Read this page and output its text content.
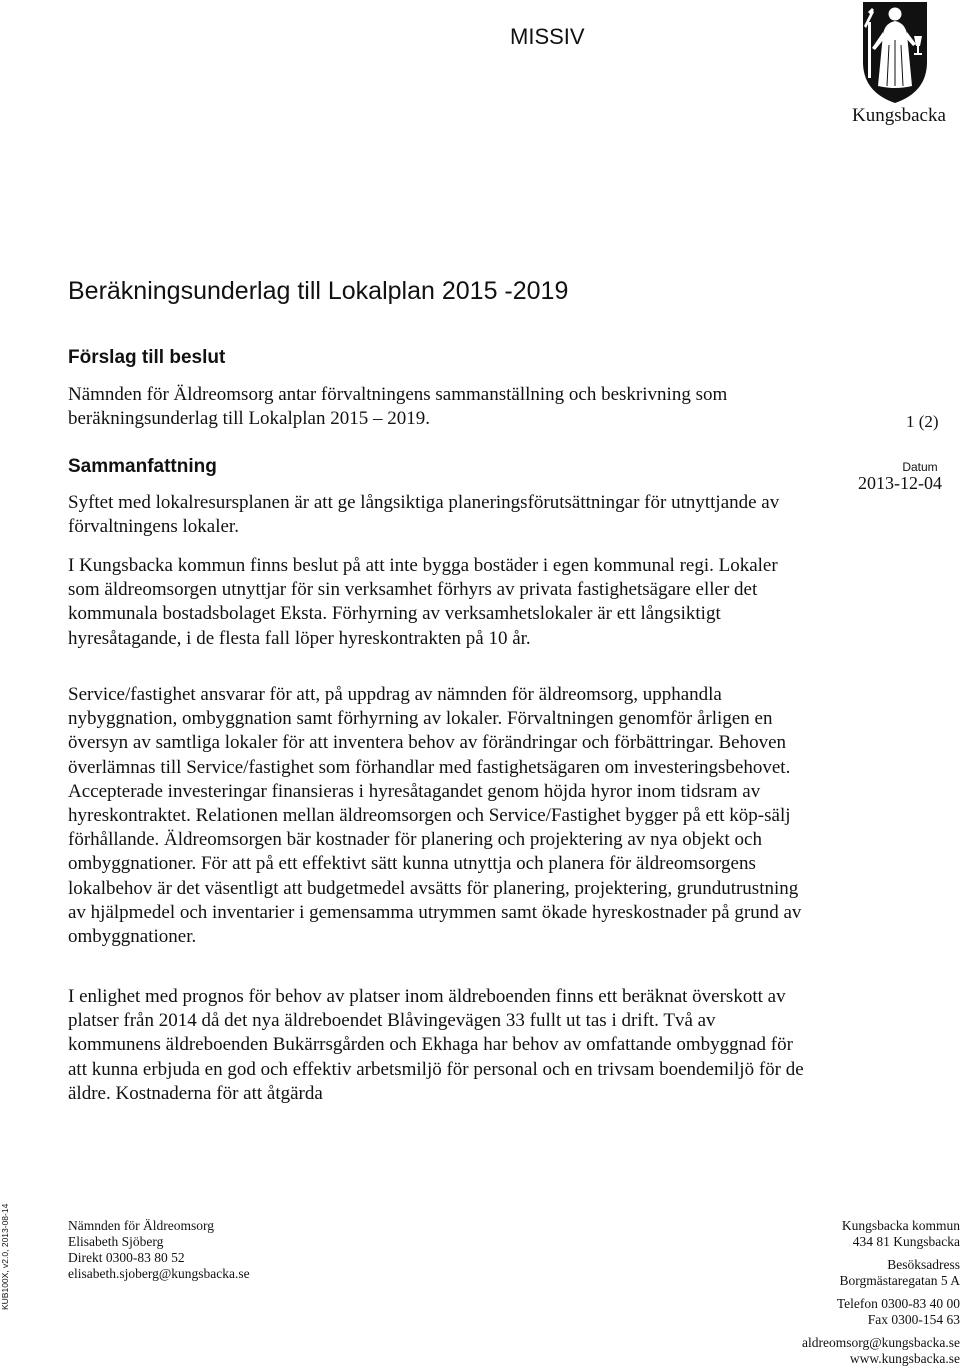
MISSIV
Kungsbacka
1 (2)
Datum
2013-12-04
Beräkningsunderlag till Lokalplan 2015 -2019
Förslag till beslut

Nämnden för Äldreomsorg antar förvaltningens sammanställning och beskrivning som beräkningsunderlag till Lokalplan 2015 – 2019.

Sammanfattning

Syftet med lokalresursplanen är att ge långsiktiga planeringsförutsättningar för utnyttjande av förvaltningens lokaler.

I Kungsbacka kommun finns beslut på att inte bygga bostäder i egen kommunal regi. Lokaler som äldreomsorgen utnyttjar för sin verksamhet förhyrs av privata fastighetsägare eller det kommunala bostadsbolaget Eksta. Förhyrning av verksamhetslokaler är ett långsiktigt hyresåtagande, i de flesta fall löper hyreskontrakten på 10 år.

Service/fastighet ansvarar för att, på uppdrag av nämnden för äldreomsorg, upphandla nybyggnation, ombyggnation samt förhyrning av lokaler. Förvaltningen genomför årligen en översyn av samtliga lokaler för att inventera behov av förändringar och förbättringar. Behoven överlämnas till Service/fastighet som förhandlar med fastighetsägaren om investeringsbehovet. Accepterade investeringar finansieras i hyresåtagandet genom höjda hyror inom tidsram av hyreskontraktet. Relationen mellan äldreomsorgen och Service/Fastighet bygger på ett köp-sälj förhållande. Äldreomsorgen bär kostnader för planering och projektering av nya objekt och ombyggnationer. För att på ett effektivt sätt kunna utnyttja och planera för äldreomsorgens lokalbehov är det väsentligt att budgetmedel avsätts för planering, projektering, grundutrustning av hjälpmedel och inventarier i gemensamma utrymmen samt ökade hyreskostnader på grund av ombyggnationer.

I enlighet med prognos för behov av platser inom äldreboenden finns ett beräknat överskott av platser från 2014 då det nya äldreboendet Blåvingevägen 33 fullt ut tas i drift. Två av kommunens äldreboenden Bukärrsgården och Ekhaga har behov av omfattande ombyggnad för att kunna erbjuda en god och effektiv arbetsmiljö för personal och en trivsam boendemiljö för de äldre. Kostnaderna för att åtgärda

KUB100X, v2.0, 2013-08-14	Nämnden för Äldreomsorg
Elisabeth Sjöberg
Direkt 0300-83 80 52
elisabeth.sjoberg@kungsbacka.se
Kungsbacka kommun
434 81 Kungsbacka
Besöksadress
Borgmästaregatan 5 A
Telefon 0300-83 40 00
Fax 0300-154 63
aldreomsorg@kungsbacka.se
www.kungsbacka.se
